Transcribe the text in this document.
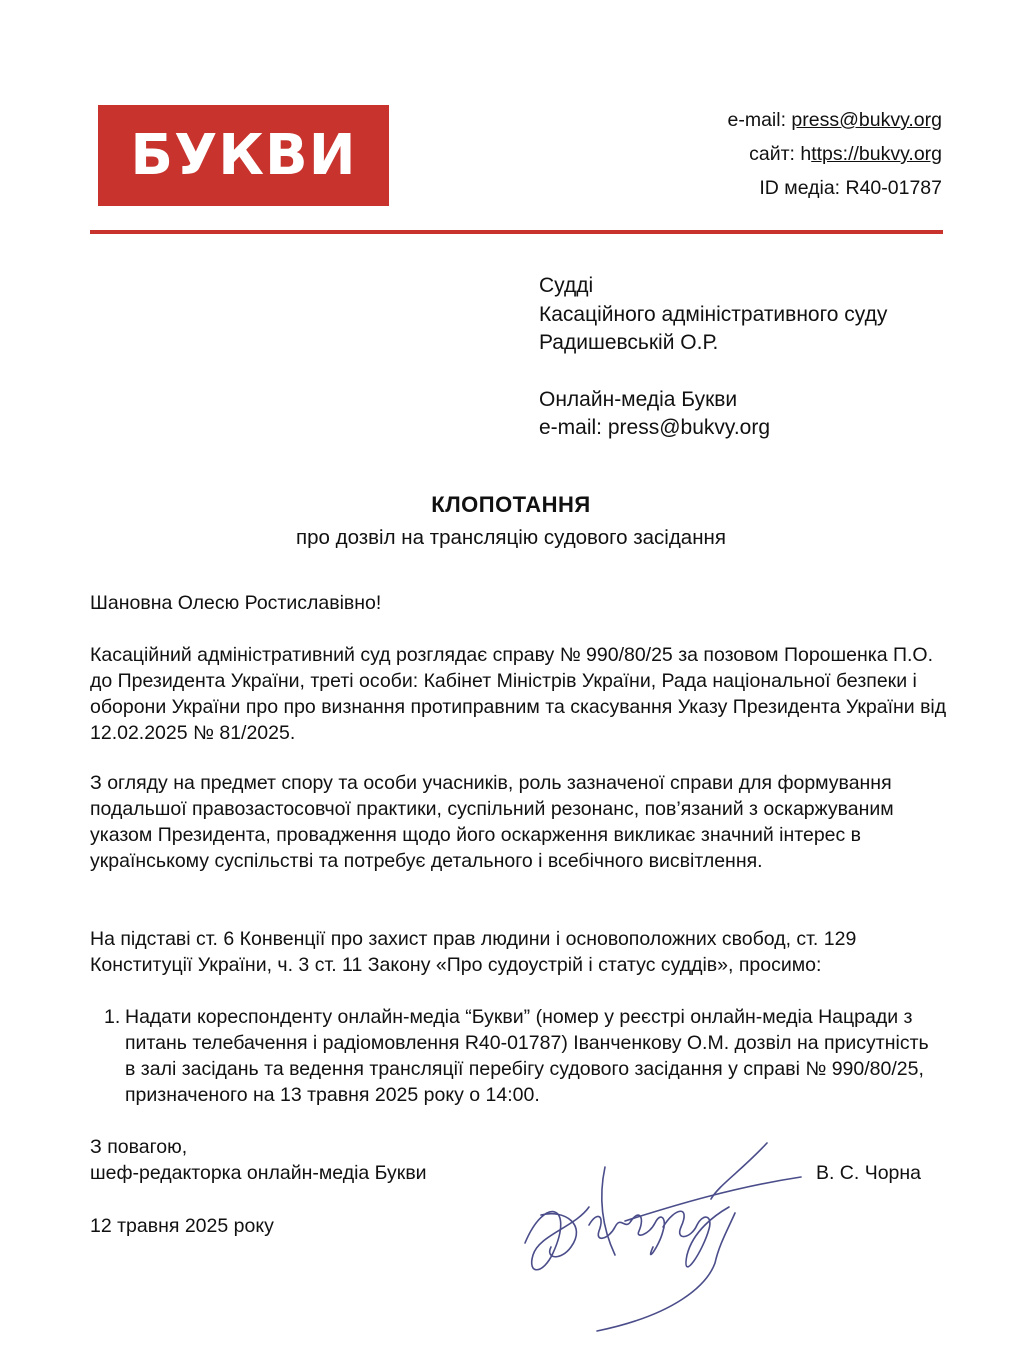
БУКВИ
e-mail: press@bukvy.org
сайт: https://bukvy.org
ID медіа: R40-01787
Судді
Касаційного адміністративного суду
Радишевській О.Р.
Онлайн-медіа Букви
e-mail: press@bukvy.org
КЛОПОТАННЯ
про дозвіл на трансляцію судового засідання
Шановна Олесю Ростиславівно!
Касаційний адміністративний суд розглядає справу № 990/80/25 за позовом Порошенка П.О. до Президента України, треті особи: Кабінет Міністрів України, Рада національної безпеки і оборони України про про визнання протиправним та скасування Указу Президента України від 12.02.2025 № 81/2025.
З огляду на предмет спору та особи учасників, роль зазначеної справи для формування подальшої правозастосовчої практики, суспільний резонанс, пов’язаний з оскаржуваним указом Президента, провадження щодо його оскарження викликає значний інтерес в українському суспільстві та потребує детального і всебічного висвітлення.
На підставі ст. 6 Конвенції про захист прав людини і основоположних свобод, ст. 129 Конституції України, ч. 3 ст. 11 Закону «Про судоустрій і статус суддів», просимо:
1. Надати кореспонденту онлайн-медіа “Букви” (номер у реєстрі онлайн-медіа Нацради з питань телебачення і радіомовлення R40-01787) Іванченкову О.М. дозвіл на присутність в залі засідань та ведення трансляції перебігу судового засідання у справі № 990/80/25, призначеного на 13 травня 2025 року о 14:00.
З повагою,
шеф-редакторка онлайн-медіа Букви	В. С. Чорна
12 травня 2025 року
